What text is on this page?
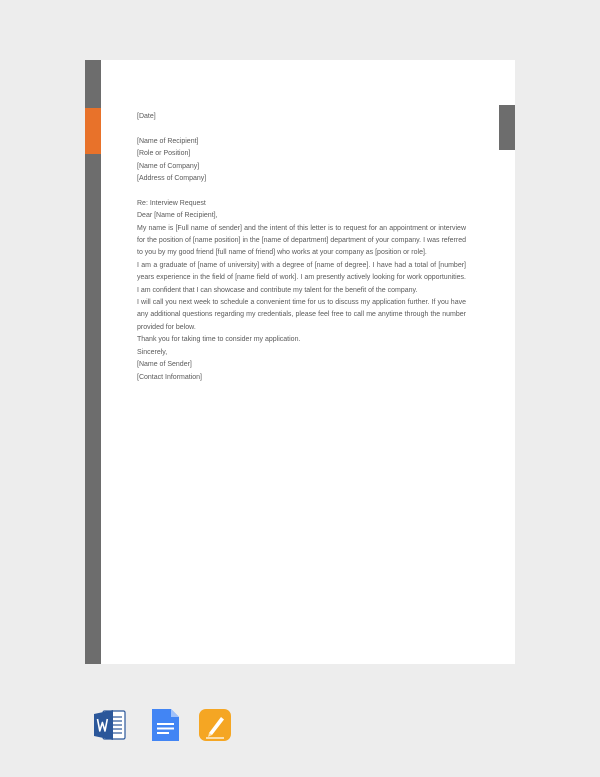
[Date]

[Name of Recipient]

[Role or Position]

[Name of Company]

[Address of Company]

Re: Interview Request

Dear [Name of Recipient],

My name is [Full name of sender] and the intent of this letter is to request for an appointment or interview for the position of [name position] in the [name of department] department of your company. I was referred to you by my good friend [full name of friend] who works at your company as [position or role].

I am a graduate of [name of university] with a degree of [name of degree]. I have had a total of [number] years experience in the field of [name field of work]. I am presently actively looking for work opportunities. I am confident that I can showcase and contribute my talent for the benefit of the company.

I will call you next week to schedule a convenient time for us to discuss my application further. If you have any additional questions regarding my credentials, please feel free to call me anytime through the number provided for below.

Thank you for taking time to consider my application.

Sincerely,

[Name of Sender]

[Contact Information]
